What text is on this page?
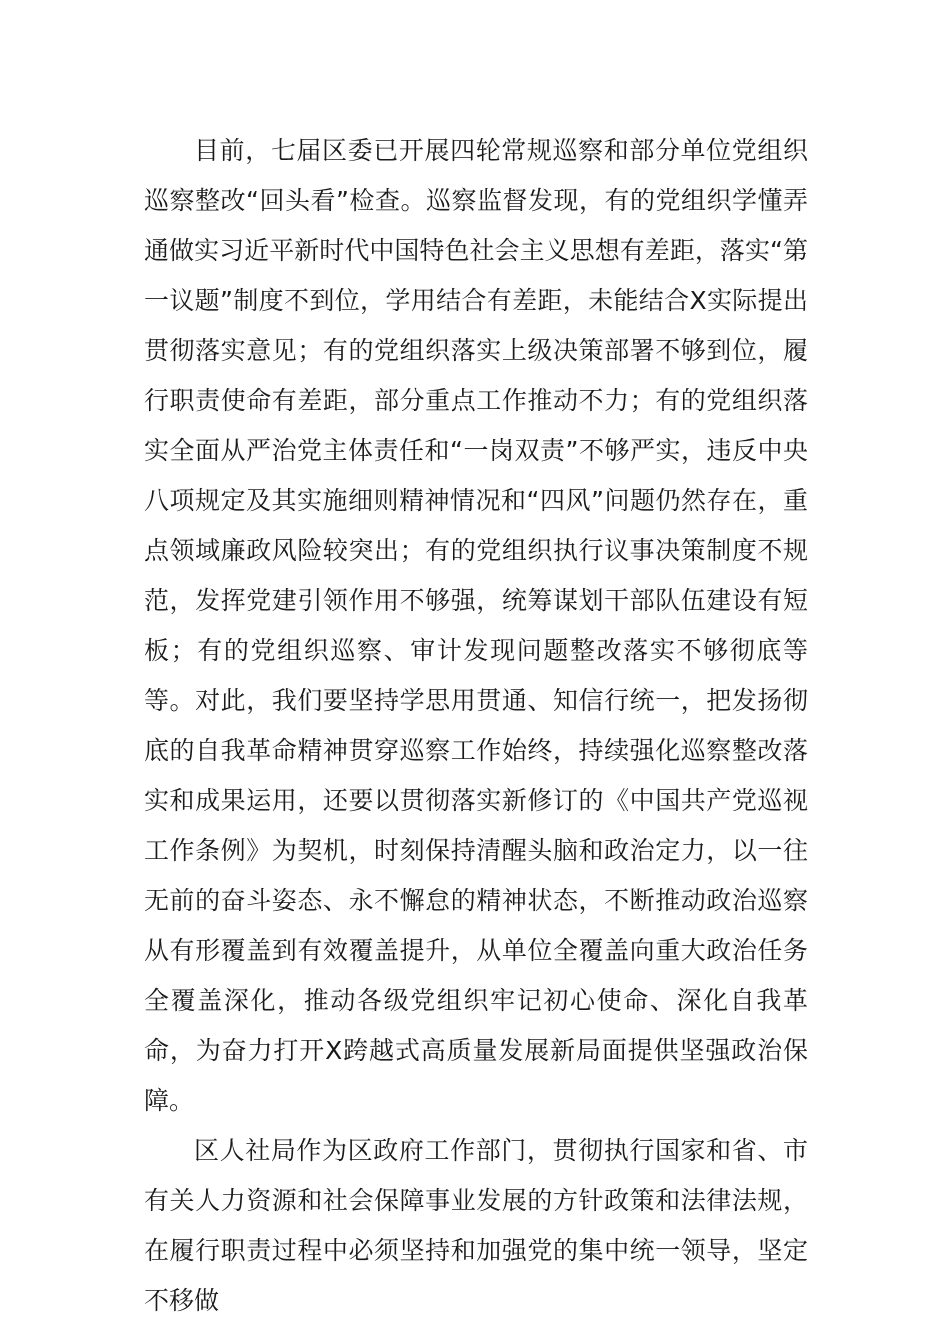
目前，七届区委已开展四轮常规巡察和部分单位党组织巡察整改“回头看”检查。巡察监督发现，有的党组织学懂弄通做实习近平新时代中国特色社会主义思想有差距，落实“第一议题”制度不到位，学用结合有差距，未能结合X实际提出贯彻落实意见；有的党组织落实上级决策部署不够到位，履行职责使命有差距，部分重点工作推动不力；有的党组织落实全面从严治党主体责任和“一岗双责”不够严实，违反中央八项规定及其实施细则精神情况和“四风”问题仍然存在，重点领域廉政风险较突出；有的党组织执行议事决策制度不规范，发挥党建引领作用不够强，统筹谋划干部队伍建设有短板；有的党组织巡察、审计发现问题整改落实不够彻底等等。对此，我们要坚持学思用贯通、知信行统一，把发扬彻底的自我革命精神贯穿巡察工作始终，持续强化巡察整改落实和成果运用，还要以贯彻落实新修订的《中国共产党巡视工作条例》为契机，时刻保持清醒头脑和政治定力，以一往无前的奋斗姿态、永不懈怠的精神状态，不断推动政治巡察从有形覆盖到有效覆盖提升，从单位全覆盖向重大政治任务全覆盖深化，推动各级党组织牢记初心使命、深化自我革命，为奋力打开X跨越式高质量发展新局面提供坚强政治保障。

区人社局作为区政府工作部门，贯彻执行国家和省、市有关人力资源和社会保障事业发展的方针政策和法律法规，在履行职责过程中必须坚持和加强党的集中统一领导，坚定不移做
